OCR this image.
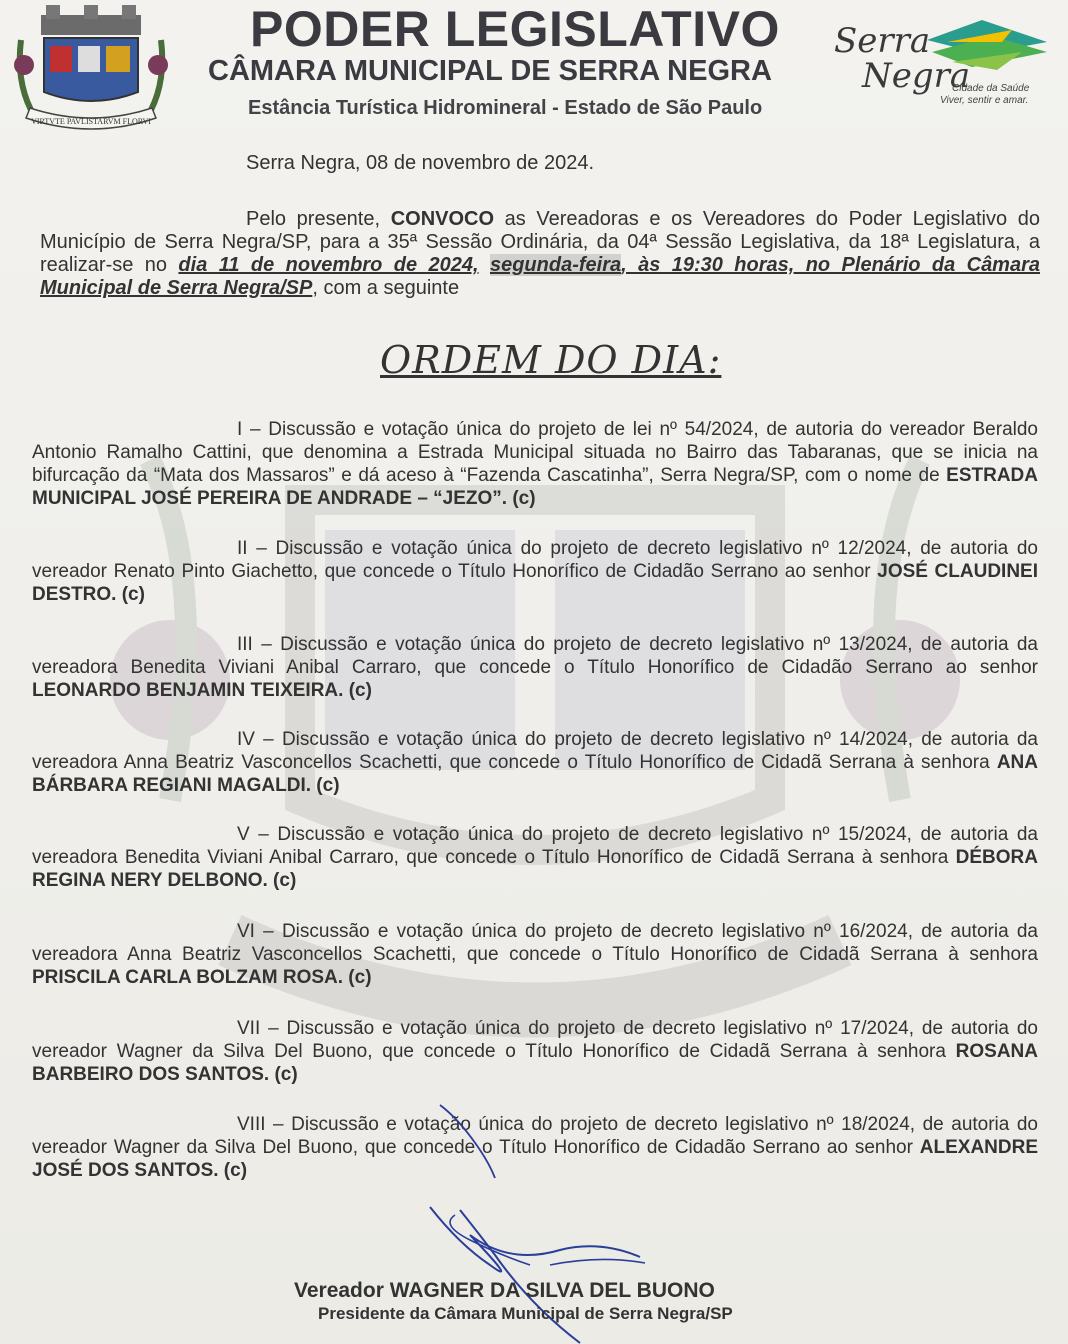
VIRTVTE PAVLISTARVM FLORVI
PODER LEGISLATIVO
CÂMARA MUNICIPAL DE SERRA NEGRA
Estância Turística Hidromineral - Estado de São Paulo
Serra
Negra
Cidade da Saúde
Viver, sentir e amar.
Serra Negra, 08 de novembro de 2024.

Pelo presente, CONVOCO as Vereadoras e os Vereadores do Poder Legislativo do Município de Serra Negra/SP, para a 35ª Sessão Ordinária, da 04ª Sessão Legislativa, da 18ª Legislatura, a realizar-se no dia 11 de novembro de 2024, segunda-feira, às 19:30 horas, no Plenário da Câmara Municipal de Serra Negra/SP, com a seguinte

ORDEM DO DIA:

I – Discussão e votação única do projeto de lei nº 54/2024, de autoria do vereador Beraldo Antonio Ramalho Cattini, que denomina a Estrada Municipal situada no Bairro das Tabaranas, que se inicia na bifurcação da “Mata dos Massaros” e dá aceso à “Fazenda Cascatinha”, Serra Negra/SP, com o nome de ESTRADA MUNICIPAL JOSÉ PEREIRA DE ANDRADE – “JEZO”. (c)

II – Discussão e votação única do projeto de decreto legislativo nº 12/2024, de autoria do vereador Renato Pinto Giachetto, que concede o Título Honorífico de Cidadão Serrano ao senhor JOSÉ CLAUDINEI DESTRO. (c)

III – Discussão e votação única do projeto de decreto legislativo nº 13/2024, de autoria da vereadora Benedita Viviani Anibal Carraro, que concede o Título Honorífico de Cidadão Serrano ao senhor LEONARDO BENJAMIN TEIXEIRA. (c)

IV – Discussão e votação única do projeto de decreto legislativo nº 14/2024, de autoria da vereadora Anna Beatriz Vasconcellos Scachetti, que concede o Título Honorífico de Cidadã Serrana à senhora ANA BÁRBARA REGIANI MAGALDI. (c)

V – Discussão e votação única do projeto de decreto legislativo nº 15/2024, de autoria da vereadora Benedita Viviani Anibal Carraro, que concede o Título Honorífico de Cidadã Serrana à senhora DÉBORA REGINA NERY DELBONO. (c)

VI – Discussão e votação única do projeto de decreto legislativo nº 16/2024, de autoria da vereadora Anna Beatriz Vasconcellos Scachetti, que concede o Título Honorífico de Cidadã Serrana à senhora PRISCILA CARLA BOLZAM ROSA. (c)

VII – Discussão e votação única do projeto de decreto legislativo nº 17/2024, de autoria do vereador Wagner da Silva Del Buono, que concede o Título Honorífico de Cidadã Serrana à senhora ROSANA BARBEIRO DOS SANTOS. (c)

VIII – Discussão e votação única do projeto de decreto legislativo nº 18/2024, de autoria do vereador Wagner da Silva Del Buono, que concede o Título Honorífico de Cidadão Serrano ao senhor ALEXANDRE JOSÉ DOS SANTOS. (c)

Vereador WAGNER DA SILVA DEL BUONO
Presidente da Câmara Municipal de Serra Negra/SP
